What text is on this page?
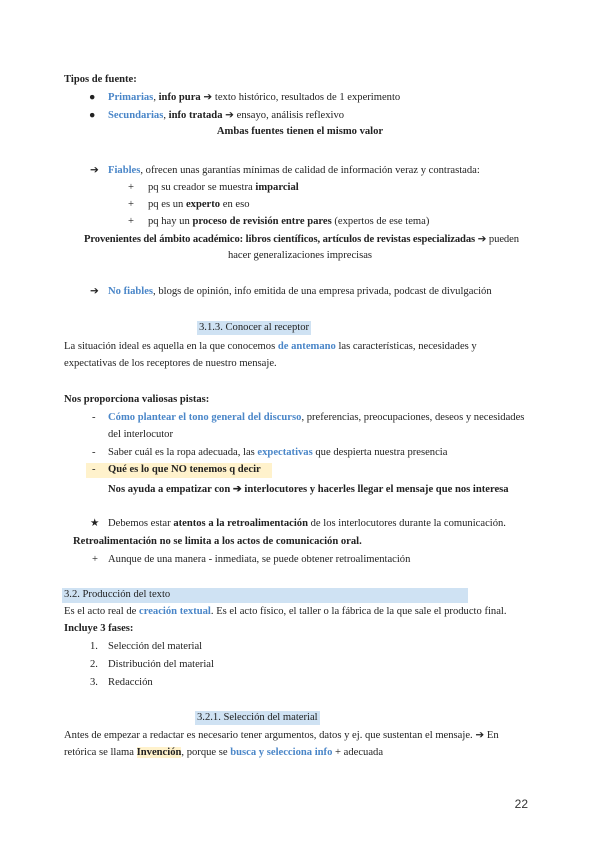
Tipos de fuente:
● Primarias, info pura ➔ texto histórico, resultados de 1 experimento
● Secundarias, info tratada ➔ ensayo, análisis reflexivo
Ambas fuentes tienen el mismo valor
➔ Fiables, ofrecen unas garantías mínimas de calidad de información veraz y contrastada:
+ pq su creador se muestra imparcial
+ pq es un experto en eso
+ pq hay un proceso de revisión entre pares (expertos de ese tema)
Provenientes del ámbito académico: libros científicos, artículos de revistas especializadas ➔ pueden
hacer generalizaciones imprecisas
➔ No fiables, blogs de opinión, info emitida de una empresa privada, podcast de divulgación
3.1.3. Conocer al receptor
La situación ideal es aquella en la que conocemos de antemano las características, necesidades y
expectativas de los receptores de nuestro mensaje.
Nos proporciona valiosas pistas:
- Cómo plantear el tono general del discurso, preferencias, preocupaciones, deseos y necesidades
del interlocutor
- Saber cuál es la ropa adecuada, las expectativas que despierta nuestra presencia
- Qué es lo que NO tenemos q decir
Nos ayuda a empatizar con ➔ interlocutores y hacerles llegar el mensaje que nos interesa
★ Debemos estar atentos a la retroalimentación de los interlocutores durante la comunicación.
Retroalimentación no se limita a los actos de comunicación oral.
+ Aunque de una manera - inmediata, se puede obtener retroalimentación
3.2. Producción del texto
Es el acto real de creación textual. Es el acto físico, el taller o la fábrica de la que sale el producto final.
Incluye 3 fases:
1. Selección del material
2. Distribución del material
3. Redacción
3.2.1. Selección del material
Antes de empezar a redactar es necesario tener argumentos, datos y ej. que sustentan el mensaje. ➔ En
retórica se llama Invención, porque se busca y selecciona info + adecuada
22
